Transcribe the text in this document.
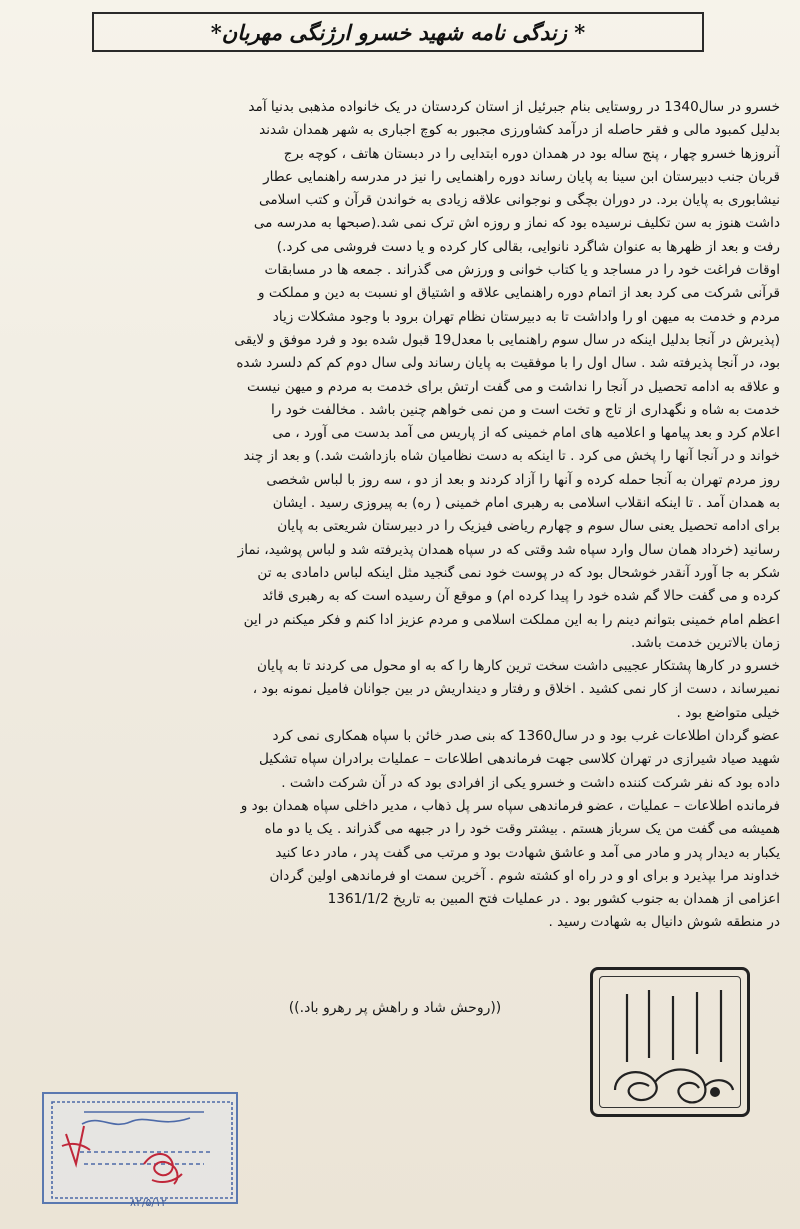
* زندگی نامه شهید خسرو ارژنگی مهربان*
خسرو در سال1340 در روستایی بنام جبرئیل از استان کردستان در یک خانواده مذهبی بدنیا آمد
بدلیل کمبود مالی و فقر حاصله از درآمد کشاورزی مجبور به کوچ اجباری به شهر همدان شدند
آنروزها خسرو چهار ، پنج ساله بود در همدان دوره ابتدایی را در دبستان هاتف ، کوچه برج
قربان جنب دبیرستان ابن سینا به پایان رساند دوره راهنمایی را نیز در مدرسه راهنمایی عطار
نیشابوری به پایان برد. در دوران بچگی و نوجوانی علاقه زیادی به خواندن قرآن و کتب اسلامی
داشت هنوز به سن تکلیف نرسیده بود که نماز و روزه اش ترک نمی شد.(صبحها به مدرسه می
رفت و بعد از ظهرها به عنوان شاگرد نانوایی، بقالی کار کرده و یا دست فروشی می کرد.)
اوقات فراغت خود را در مساجد و یا کتاب خوانی و ورزش می گذراند . جمعه ها در مسابقات
قرآنی شرکت می کرد بعد از اتمام دوره راهنمایی علاقه و اشتیاق او نسبت به دین و مملکت و
مردم و خدمت به میهن او را واداشت تا به دبیرستان نظام تهران برود با وجود مشکلات زیاد
(پذیرش در آنجا بدلیل اینکه در سال سوم راهنمایی با معدل19 قبول شده بود و فرد موفق و لایقی
بود، در آنجا پذیرفته شد . سال اول را با موفقیت به پایان رساند ولی سال دوم کم کم دلسرد شده
و علاقه به ادامه تحصیل در آنجا را نداشت و می گفت ارتش برای خدمت به مردم و میهن نیست
خدمت به شاه و نگهداری از تاج و تخت است و من نمی خواهم چنین باشد . مخالفت خود را
اعلام کرد و بعد پیامها و اعلامیه های امام خمینی که از پاریس می آمد بدست می آورد ، می
خواند و در آنجا آنها را پخش می کرد . تا اینکه به دست نظامیان شاه بازداشت شد.) و بعد از چند
روز مردم تهران به آنجا حمله کرده و آنها را آزاد کردند و بعد از دو ، سه روز با لباس شخصی
به همدان آمد . تا اینکه انقلاب اسلامی به رهبری امام خمینی ( ره) به پیروزی رسید . ایشان
برای ادامه تحصیل یعنی سال سوم و چهارم ریاضی فیزیک را در دبیرستان شریعتی به پایان
رسانید (خرداد همان سال وارد سپاه شد وقتی که در سپاه همدان پذیرفته شد و لباس پوشید، نماز
شکر به جا آورد آنقدر خوشحال بود که در پوست خود نمی گنجید مثل اینکه لباس دامادی به تن
کرده و می گفت حالا گم شده خود را پیدا کرده ام) و موقع آن رسیده است که به رهبری قائد
اعظم امام خمینی بتوانم دینم را به این مملکت اسلامی و مردم عزیز ادا کنم و فکر میکنم در این
زمان بالاترین خدمت باشد.
خسرو در کارها پشتکار عجیبی داشت سخت ترین کارها را که به او محول می کردند تا به پایان
نمیرساند ، دست از کار نمی کشید . اخلاق و رفتار و دینداریش در بین جوانان فامیل نمونه بود ،
خیلی متواضع بود .
عضو گردان اطلاعات غرب بود و در سال1360 که بنی صدر خائن با سپاه همکاری نمی کرد
شهید صیاد شیرازی در تهران کلاسی جهت فرماندهی اطلاعات – عملیات برادران سپاه تشکیل
داده بود که نفر شرکت کننده داشت و خسرو یکی از افرادی بود که در آن شرکت داشت .
فرمانده اطلاعات – عملیات ، عضو فرماندهی سپاه سر پل ذهاب ، مدیر داخلی سپاه همدان بود و
همیشه می گفت من یک سرباز هستم . بیشتر وقت خود را در جبهه می گذراند . یک یا دو ماه
یکبار به دیدار پدر و مادر می آمد و عاشق شهادت بود و مرتب می گفت پدر ، مادر دعا کنید
خداوند مرا بپذیرد و برای او و در راه او کشته شوم . آخرین سمت او فرماندهی اولین گردان
اعزامی از همدان به جنوب کشور بود . در عملیات فتح المبین به تاریخ 1361/1/2
در منطقه شوش دانیال به شهادت رسید .
((روحش شاد و راهش پر رهرو باد.))
۸۲/۵/۱۲
